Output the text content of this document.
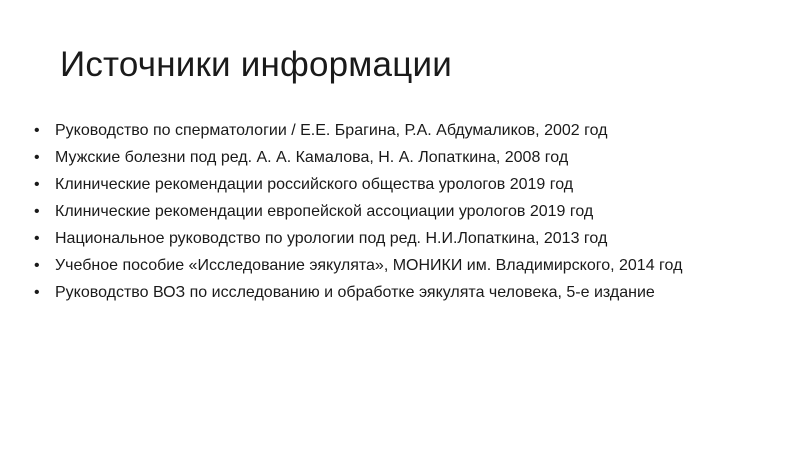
Источники информации
• Руководство по сперматологии / Е.Е. Брагина, Р.А. Абдумаликов, 2002 год
• Мужские болезни под ред. А. А. Камалова, Н. А. Лопаткина, 2008 год
• Клинические рекомендации российского общества урологов 2019 год
• Клинические рекомендации европейской ассоциации урологов 2019 год
• Национальное руководство по урологии под ред. Н.И.Лопаткина, 2013 год
• Учебное пособие «Исследование эякулята», МОНИКИ им. Владимирского, 2014 год
• Руководство ВОЗ по исследованию и обработке эякулята человека, 5-е издание
